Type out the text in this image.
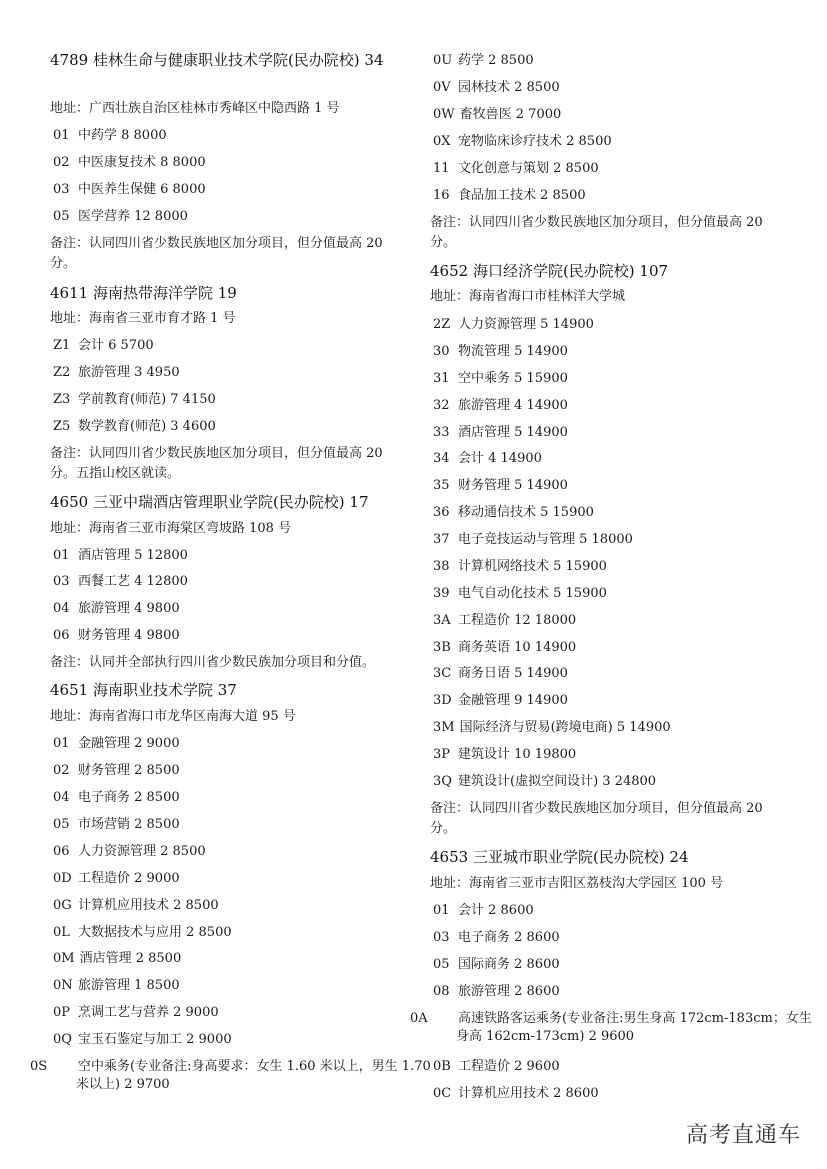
4789 桂林生命与健康职业技术学院(民办院校) 34
地址：广西壮族自治区桂林市秀峰区中隐西路 1 号
01 中药学 8 8000
02 中医康复技术 8 8000
03 中医养生保健 6 8000
05 医学营养 12 8000
备注：认同四川省少数民族地区加分项目，但分值最高 20 分。
4611 海南热带海洋学院 19
地址：海南省三亚市育才路 1 号
Z1 会计 6 5700
Z2 旅游管理 3 4950
Z3 学前教育(师范) 7 4150
Z5 数学教育(师范) 3 4600
备注：认同四川省少数民族地区加分项目，但分值最高 20 分。五指山校区就读。
4650 三亚中瑞酒店管理职业学院(民办院校) 17
地址：海南省三亚市海棠区弯坡路 108 号
01 酒店管理 5 12800
03 西餐工艺 4 12800
04 旅游管理 4 9800
06 财务管理 4 9800
备注：认同并全部执行四川省少数民族加分项目和分值。
4651 海南职业技术学院 37
地址：海南省海口市龙华区南海大道 95 号
01 金融管理 2 9000
02 财务管理 2 8500
04 电子商务 2 8500
05 市场营销 2 8500
06 人力资源管理 2 8500
0D 工程造价 2 9000
0G 计算机应用技术 2 8500
0L 大数据技术与应用 2 8500
0M 酒店管理 2 8500
0N 旅游管理 1 8500
0P 烹调工艺与营养 2 9000
0Q 宝玉石鉴定与加工 2 9000
0S 空中乘务(专业备注:身高要求：女生 1.60 米以上，男生 1.70 米以上) 2 9700
0U 药学 2 8500
0V 园林技术 2 8500
0W 畜牧兽医 2 7000
0X 宠物临床诊疗技术 2 8500
11 文化创意与策划 2 8500
16 食品加工技术 2 8500
备注：认同四川省少数民族地区加分项目，但分值最高 20 分。
4652 海口经济学院(民办院校) 107
地址：海南省海口市桂林洋大学城
2Z 人力资源管理 5 14900
30 物流管理 5 14900
31 空中乘务 5 15900
32 旅游管理 4 14900
33 酒店管理 5 14900
34 会计 4 14900
35 财务管理 5 14900
36 移动通信技术 5 15900
37 电子竞技运动与管理 5 18000
38 计算机网络技术 5 15900
39 电气自动化技术 5 15900
3A 工程造价 12 18000
3B 商务英语 10 14900
3C 商务日语 5 14900
3D 金融管理 9 14900
3M 国际经济与贸易(跨境电商) 5 14900
3P 建筑设计 10 19800
3Q 建筑设计(虚拟空间设计) 3 24800
备注：认同四川省少数民族地区加分项目，但分值最高 20 分。
4653 三亚城市职业学院(民办院校) 24
地址：海南省三亚市吉阳区荔枝沟大学园区 100 号
01 会计 2 8600
03 电子商务 2 8600
05 国际商务 2 8600
08 旅游管理 2 8600
0A 高速铁路客运乘务(专业备注:男生身高 172cm-183cm；女生身高 162cm-173cm) 2 9600
0B 工程造价 2 9600
0C 计算机应用技术 2 8600
高考直通车
